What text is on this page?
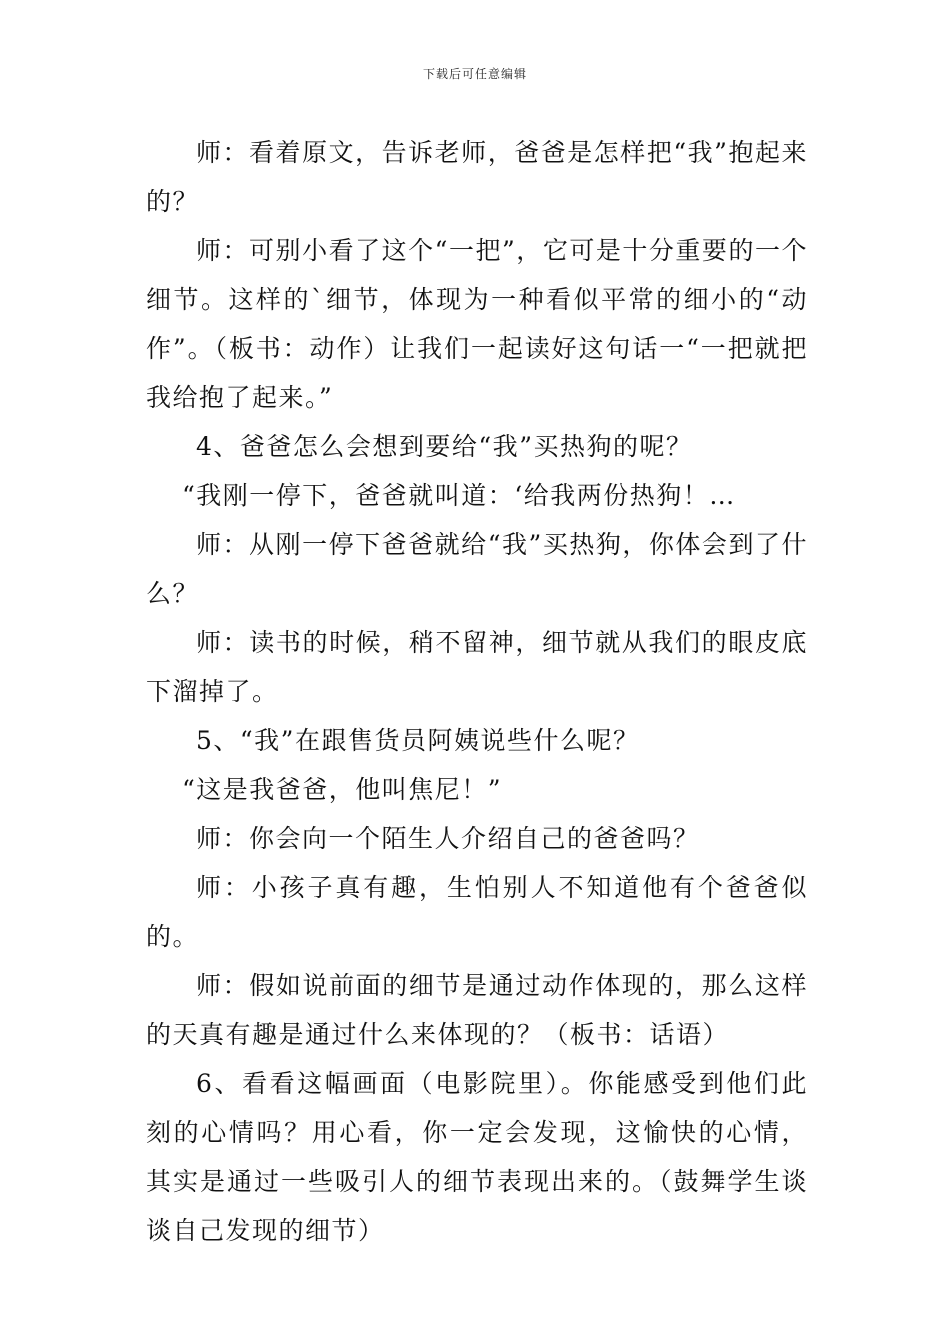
下载后可任意编辑

师：看着原文，告诉老师，爸爸是怎样把“我”抱起来的？

师：可别小看了这个“一把”，它可是十分重要的一个细节。这样的`细节，体现为一种看似平常的细小的“动作”。（板书：动作）让我们一起读好这句话一“一把就把我给抱了起来。”

4、爸爸怎么会想到要给“我”买热狗的呢？

“我刚一停下，爸爸就叫道：‘给我两份热狗！…

师：从刚一停下爸爸就给“我”买热狗，你体会到了什么？

师：读书的时候，稍不留神，细节就从我们的眼皮底下溜掉了。

5、“我”在跟售货员阿姨说些什么呢？

“这是我爸爸，他叫焦尼！”

师：你会向一个陌生人介绍自己的爸爸吗？

师：小孩子真有趣，生怕别人不知道他有个爸爸似的。

师：假如说前面的细节是通过动作体现的，那么这样的天真有趣是通过什么来体现的？（板书：话语）

6、看看这幅画面（电影院里）。你能感受到他们此刻的心情吗？用心看，你一定会发现，这愉快的心情，其实是通过一些吸引人的细节表现出来的。（鼓舞学生谈谈自己发现的细节）
